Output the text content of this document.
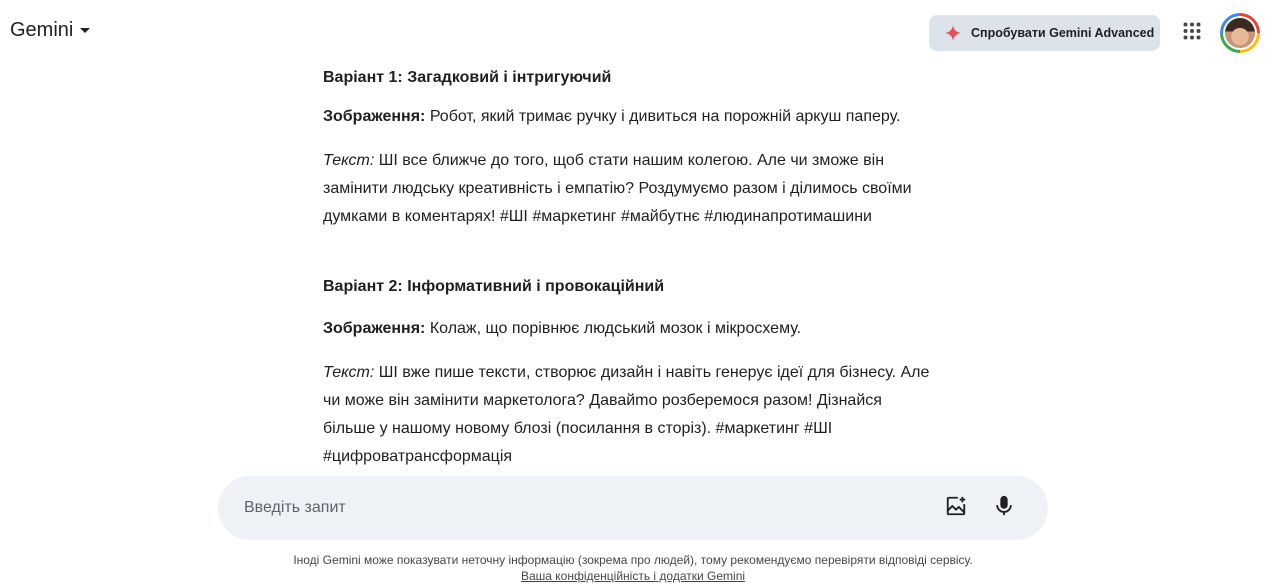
Gemini	Спробувати Gemini Advanced

Варіант 1: Загадковий і інтригуючий

Зображення: Робот, який тримає ручку і дивиться на порожній аркуш паперу.

Текст: ШІ все ближче до того, щоб стати нашим колегою. Але чи зможе він
замінити людську креативність і емпатію? Роздумуємо разом і ділимось своїми
думками в коментарях! #ШІ #маркетинг #майбутнє #людинапротимашини

Варіант 2: Інформативний і провокаційний

Зображення: Колаж, що порівнює людський мозок і мікросхему.

Текст: ШІ вже пише тексти, створює дизайн і навіть генерує ідеї для бізнесу. Але
чи може він замінити маркетолога? Давайmo розберемося разом! Дізнайся
більше у нашому новому блозі (посилання в сторіз). #маркетинг #ШІ
#цифроватрансформація
Введіть запит
Іноді Gemini може показувати неточну інформацію (зокрема про людей), тому рекомендуємо перевіряти відповіді сервісу.
Ваша конфіденційність і додатки Gemini
